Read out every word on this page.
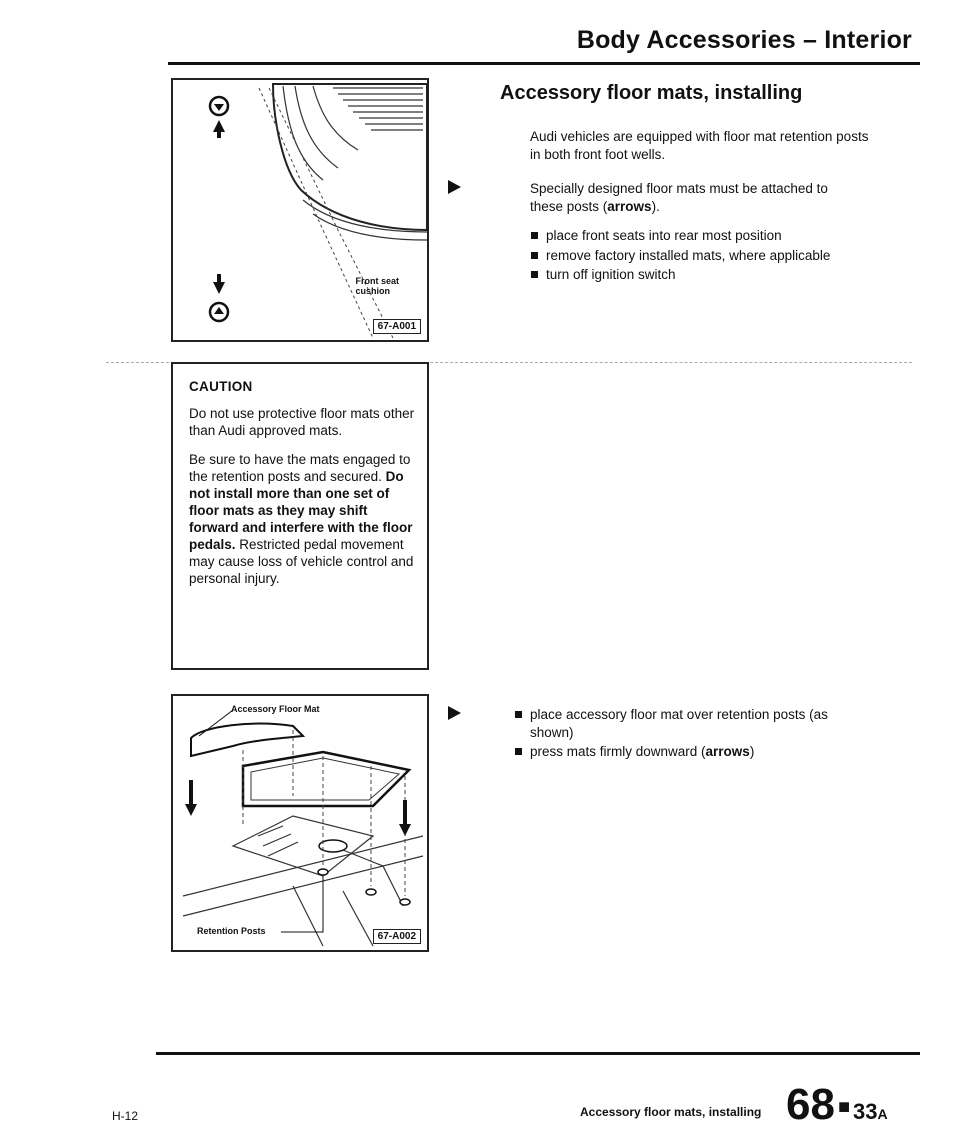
Body Accessories – Interior
Front seat
cushion
67-A001
CAUTION

Do not use protective floor mats other than Audi approved mats.

Be sure to have the mats engaged to the retention posts and secured. Do not install more than one set of floor mats as they may shift forward and interfere with the floor pedals. Restricted pedal movement may cause loss of vehicle control and personal injury.

Accessory Floor Mat
Retention Posts	67-A002
Accessory floor mats, installing

Audi vehicles are equipped with floor mat retention posts in both front foot wells.

Specially designed floor mats must be attached to these posts (arrows).

place front seats into rear most position
remove factory installed mats, where applicable
turn off ignition switch
place accessory floor mat over retention posts (as shown)
press mats firmly downward (arrows)
H-12	Accessory floor mats, installing 68 ■ 33A
